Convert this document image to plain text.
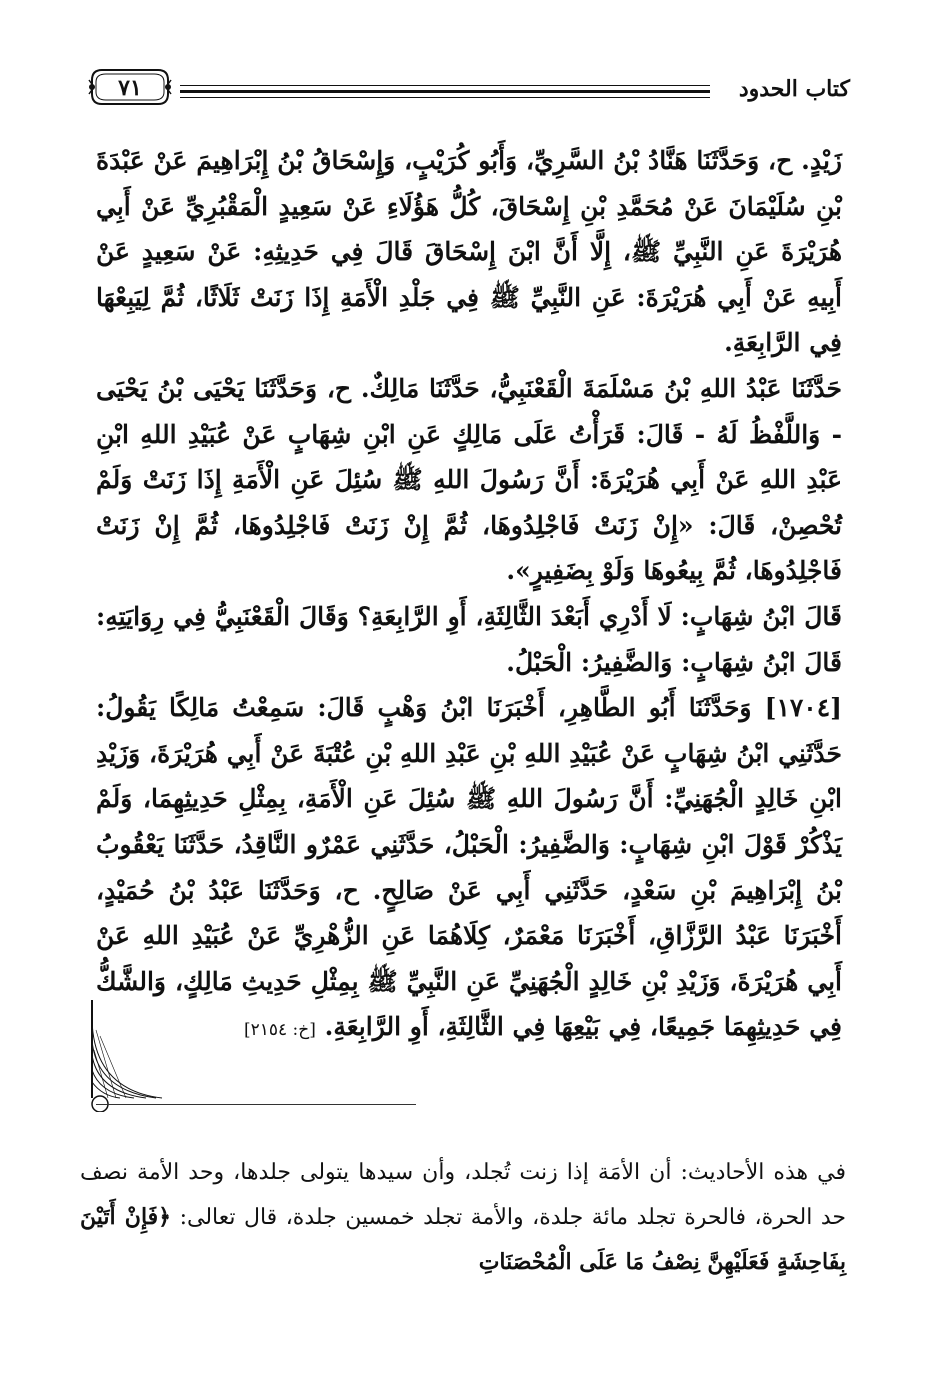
كتاب الحدود
٧١

زَيْدٍ. ح، وَحَدَّثَنَا هَنَّادُ بْنُ السَّرِيِّ، وَأَبُو كُرَيْبٍ، وَإِسْحَاقُ بْنُ إِبْرَاهِيمَ عَنْ عَبْدَةَ بْنِ سُلَيْمَانَ عَنْ مُحَمَّدِ بْنِ إِسْحَاقَ، كُلُّ هَؤُلَاءِ عَنْ سَعِيدٍ الْمَقْبُرِيِّ عَنْ أَبِي هُرَيْرَةَ عَنِ النَّبِيِّ ﷺ، إِلَّا أَنَّ ابْنَ إِسْحَاقَ قَالَ فِي حَدِيثِهِ: عَنْ سَعِيدٍ عَنْ أَبِيهِ عَنْ أَبِي هُرَيْرَةَ: عَنِ النَّبِيِّ ﷺ فِي جَلْدِ الْأَمَةِ إِذَا زَنَتْ ثَلَاثًا، ثُمَّ لِيَبِعْهَا فِي الرَّابِعَةِ.

حَدَّثَنَا عَبْدُ اللهِ بْنُ مَسْلَمَةَ الْقَعْنَبِيُّ، حَدَّثَنَا مَالِكٌ. ح، وَحَدَّثَنَا يَحْيَى بْنُ يَحْيَى - وَاللَّفْظُ لَهُ - قَالَ: قَرَأْتُ عَلَى مَالِكٍ عَنِ ابْنِ شِهَابٍ عَنْ عُبَيْدِ اللهِ ابْنِ عَبْدِ اللهِ عَنْ أَبِي هُرَيْرَةَ: أَنَّ رَسُولَ اللهِ ﷺ سُئِلَ عَنِ الْأَمَةِ إِذَا زَنَتْ وَلَمْ تُحْصِنْ، قَالَ: «إِنْ زَنَتْ فَاجْلِدُوهَا، ثُمَّ إِنْ زَنَتْ فَاجْلِدُوهَا، ثُمَّ إِنْ زَنَتْ فَاجْلِدُوهَا، ثُمَّ بِيعُوهَا وَلَوْ بِضَفِيرٍ».

قَالَ ابْنُ شِهَابٍ: لَا أَدْرِي أَبَعْدَ الثَّالِثَةِ، أَوِ الرَّابِعَةِ؟ وَقَالَ الْقَعْنَبِيُّ فِي رِوَايَتِهِ: قَالَ ابْنُ شِهَابٍ: وَالضَّفِيرُ: الْحَبْلُ.

[١٧٠٤] وَحَدَّثَنَا أَبُو الطَّاهِرِ، أَخْبَرَنَا ابْنُ وَهْبٍ قَالَ: سَمِعْتُ مَالِكًا يَقُولُ: حَدَّثَنِي ابْنُ شِهَابٍ عَنْ عُبَيْدِ اللهِ بْنِ عَبْدِ اللهِ بْنِ عُتْبَةَ عَنْ أَبِي هُرَيْرَةَ، وَزَيْدِ ابْنِ خَالِدٍ الْجُهَنِيِّ: أَنَّ رَسُولَ اللهِ ﷺ سُئِلَ عَنِ الْأَمَةِ، بِمِثْلِ حَدِيثِهِمَا، وَلَمْ يَذْكُرْ قَوْلَ ابْنِ شِهَابٍ: وَالضَّفِيرُ: الْحَبْلُ، حَدَّثَنِي عَمْرٌو النَّاقِدُ، حَدَّثَنَا يَعْقُوبُ بْنُ إِبْرَاهِيمَ بْنِ سَعْدٍ، حَدَّثَنِي أَبِي عَنْ صَالِحٍ. ح، وَحَدَّثَنَا عَبْدُ بْنُ حُمَيْدٍ، أَخْبَرَنَا عَبْدُ الرَّزَّاقِ، أَخْبَرَنَا مَعْمَرٌ، كِلَاهُمَا عَنِ الزُّهْرِيِّ عَنْ عُبَيْدِ اللهِ عَنْ أَبِي هُرَيْرَةَ، وَزَيْدِ بْنِ خَالِدٍ الْجُهَنِيِّ عَنِ النَّبِيِّ ﷺ بِمِثْلِ حَدِيثِ مَالِكٍ، وَالشَّكُّ فِي حَدِيثِهِمَا جَمِيعًا، فِي بَيْعِهَا فِي الثَّالِثَةِ، أَوِ الرَّابِعَةِ. [خ: ٢١٥٤]

في هذه الأحاديث: أن الأمَة إذا زنت تُجلد، وأن سيدها يتولى جلدها، وحد الأمة نصف حد الحرة، فالحرة تجلد مائة جلدة، والأمة تجلد خمسين جلدة، قال تعالى: ﴿فَإِنْ أَتَيْنَ بِفَاحِشَةٍ فَعَلَيْهِنَّ نِصْفُ مَا عَلَى الْمُحْصَنَاتِ
